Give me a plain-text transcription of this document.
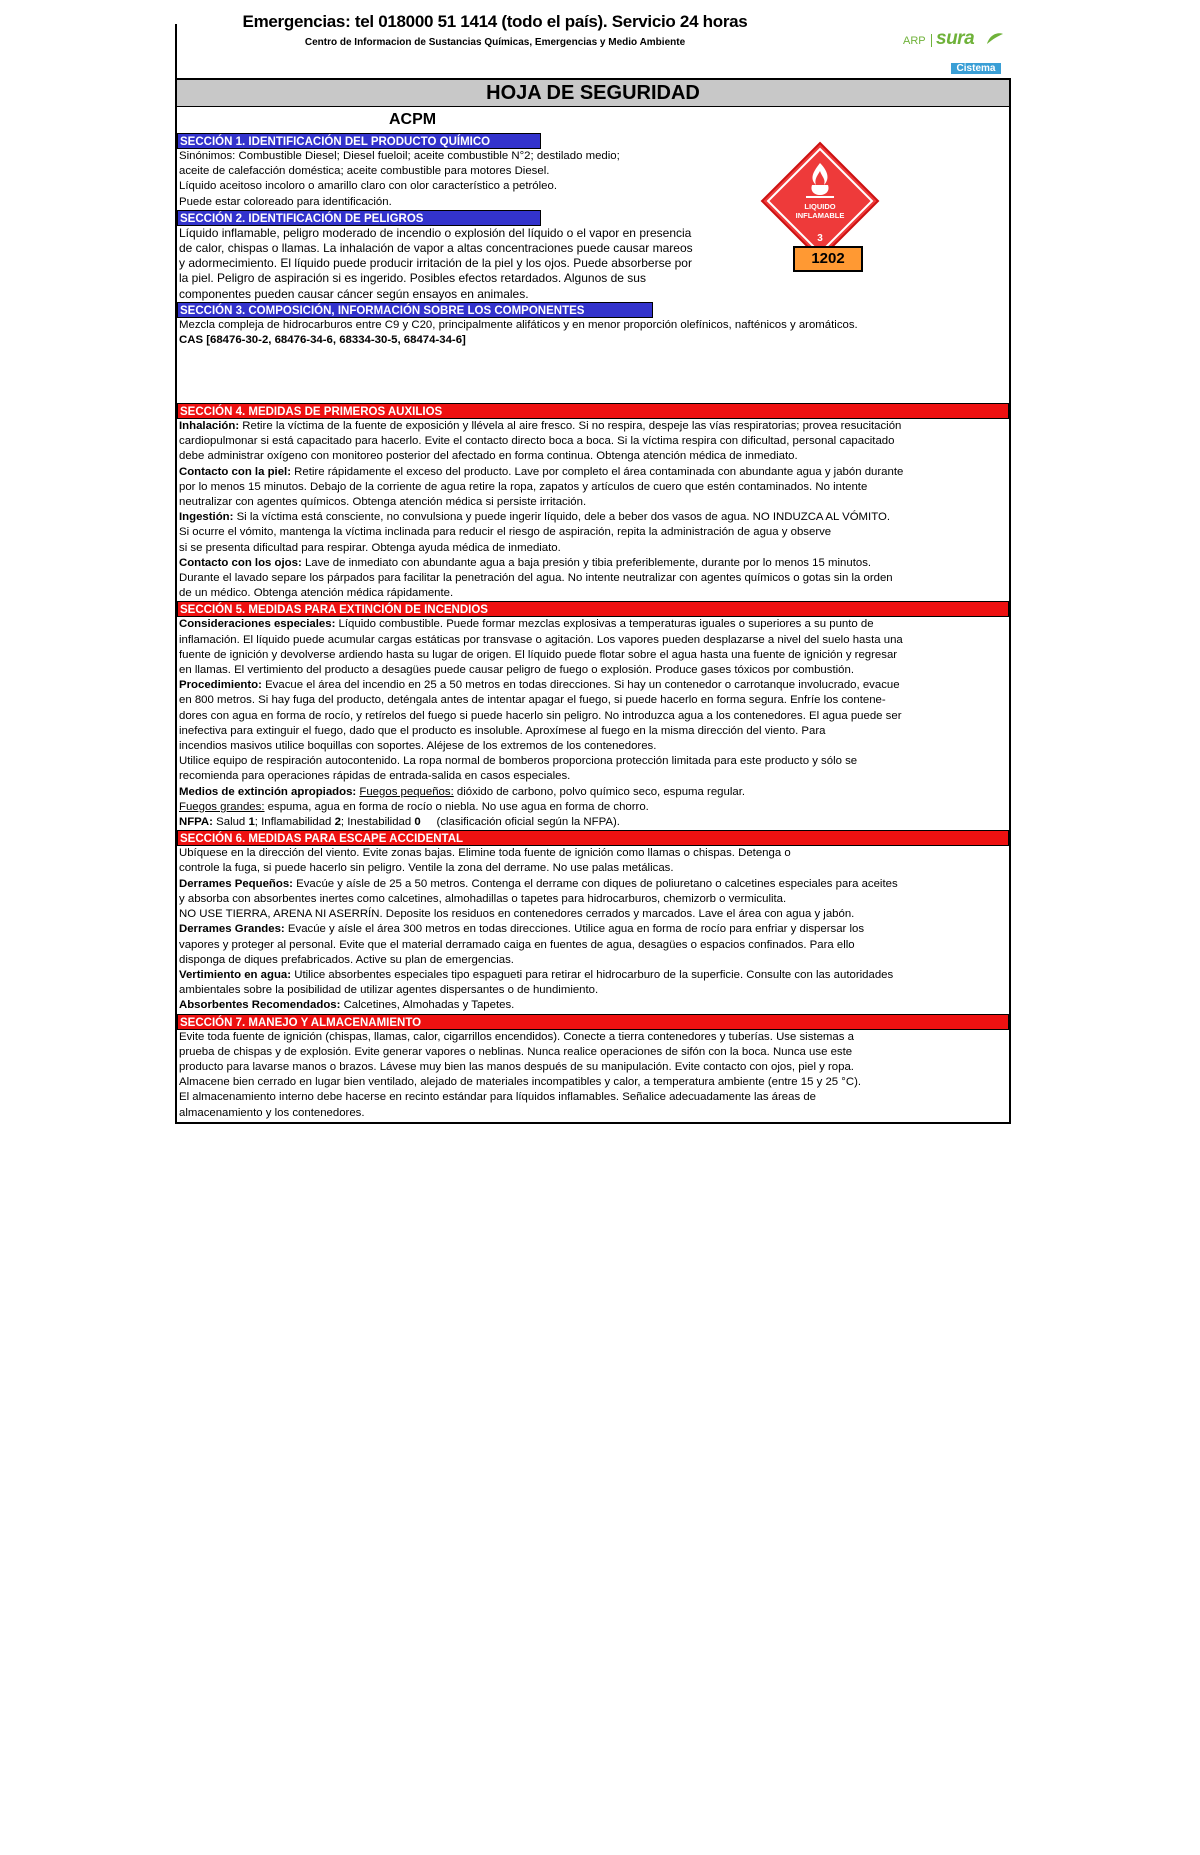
Emergencias: tel 018000 51 1414 (todo el país). Servicio 24 horas
Centro de Informacion de Sustancias Químicas, Emergencias y Medio Ambiente	ARP sura
Cistema
HOJA DE SEGURIDAD
ACPM
LIQUIDO
INFLAMABLE
3
1202
SECCIÓN 1. IDENTIFICACIÓN DEL PRODUCTO QUÍMICO
Sinónimos: Combustible Diesel; Diesel fueloil; aceite combustible N°2; destilado medio;
aceite de calefacción doméstica; aceite combustible para motores Diesel.
Líquido aceitoso incoloro o amarillo claro con olor característico a petróleo.
Puede estar coloreado para identificación.
SECCIÓN 2. IDENTIFICACIÓN DE PELIGROS
Líquido inflamable, peligro moderado de incendio o explosión del líquido o el vapor en presencia
de calor, chispas o llamas. La inhalación de vapor a altas concentraciones puede causar mareos
y adormecimiento. El líquido puede producir irritación de la piel y los ojos. Puede absorberse por
la piel. Peligro de aspiración si es ingerido. Posibles efectos retardados. Algunos de sus
componentes pueden causar cáncer según ensayos en animales.
SECCIÓN 3. COMPOSICIÓN, INFORMACIÓN SOBRE LOS COMPONENTES
Mezcla compleja de hidrocarburos entre C9 y C20, principalmente alifáticos y en menor proporción olefínicos, nafténicos y aromáticos.
CAS [68476-30-2, 68476-34-6, 68334-30-5, 68474-34-6]
SECCIÓN 4. MEDIDAS DE PRIMEROS AUXILIOS
Inhalación: Retire la víctima de la fuente de exposición y llévela al aire fresco. Si no respira, despeje las vías respiratorias; provea resucitación
cardiopulmonar si está capacitado para hacerlo. Evite el contacto directo boca a boca. Si la víctima respira con dificultad, personal capacitado
debe administrar oxígeno con monitoreo posterior del afectado en forma continua. Obtenga atención médica de inmediato.
Contacto con la piel: Retire rápidamente el exceso del producto. Lave por completo el área contaminada con abundante agua y jabón durante
por lo menos 15 minutos. Debajo de la corriente de agua retire la ropa, zapatos y artículos de cuero que estén contaminados. No intente
neutralizar con agentes químicos. Obtenga atención médica si persiste irritación.
Ingestión: Si la víctima está consciente, no convulsiona y puede ingerir líquido, dele a beber dos vasos de agua. NO INDUZCA AL VÓMITO.
Si ocurre el vómito, mantenga la víctima inclinada para reducir el riesgo de aspiración, repita la administración de agua y observe
si se presenta dificultad para respirar. Obtenga ayuda médica de inmediato.
Contacto con los ojos: Lave de inmediato con abundante agua a baja presión y tibia preferiblemente, durante por lo menos 15 minutos.
Durante el lavado separe los párpados para facilitar la penetración del agua. No intente neutralizar con agentes químicos o gotas sin la orden
de un médico. Obtenga atención médica rápidamente.
SECCIÓN 5. MEDIDAS PARA EXTINCIÓN DE INCENDIOS
Consideraciones especiales: Líquido combustible. Puede formar mezclas explosivas a temperaturas iguales o superiores a su punto de
inflamación. El líquido puede acumular cargas estáticas por transvase o agitación. Los vapores pueden desplazarse a nivel del suelo hasta una
fuente de ignición y devolverse ardiendo hasta su lugar de origen. El líquido puede flotar sobre el agua hasta una fuente de ignición y regresar
en llamas. El vertimiento del producto a desagües puede causar peligro de fuego o explosión. Produce gases tóxicos por combustión.
Procedimiento: Evacue el área del incendio en 25 a 50 metros en todas direcciones. Si hay un contenedor o carrotanque involucrado, evacue
en 800 metros. Si hay fuga del producto, deténgala antes de intentar apagar el fuego, si puede hacerlo en forma segura. Enfríe los contene-
dores con agua en forma de rocío, y retírelos del fuego si puede hacerlo sin peligro. No introduzca agua a los contenedores. El agua puede ser
inefectiva para extinguir el fuego, dado que el producto es insoluble. Aproxímese al fuego en la misma dirección del viento. Para
incendios masivos utilice boquillas con soportes. Aléjese de los extremos de los contenedores.
Utilice equipo de respiración autocontenido. La ropa normal de bomberos proporciona protección limitada para este producto y sólo se
recomienda para operaciones rápidas de entrada-salida en casos especiales.
Medios de extinción apropiados: Fuegos pequeños: dióxido de carbono, polvo químico seco, espuma regular.
Fuegos grandes: espuma, agua en forma de rocío o niebla. No use agua en forma de chorro.
NFPA: Salud 1; Inflamabilidad 2; Inestabilidad 0     (clasificación oficial según la NFPA).
SECCIÓN 6. MEDIDAS PARA ESCAPE ACCIDENTAL
Ubíquese en la dirección del viento. Evite zonas bajas. Elimine toda fuente de ignición como llamas o chispas. Detenga o
controle la fuga, si puede hacerlo sin peligro. Ventile la zona del derrame. No use palas metálicas.
Derrames Pequeños: Evacúe y aísle de 25 a 50 metros. Contenga el derrame con diques de poliuretano o calcetines especiales para aceites
y absorba con absorbentes inertes como calcetines, almohadillas o tapetes para hidrocarburos, chemizorb o vermiculita.
NO USE TIERRA, ARENA NI ASERRÍN. Deposite los residuos en contenedores cerrados y marcados. Lave el área con agua y jabón.
Derrames Grandes: Evacúe y aísle el área 300 metros en todas direcciones. Utilice agua en forma de rocío para enfriar y dispersar los
vapores y proteger al personal. Evite que el material derramado caiga en fuentes de agua, desagües o espacios confinados. Para ello
disponga de diques prefabricados. Active su plan de emergencias.
Vertimiento en agua: Utilice absorbentes especiales tipo espagueti para retirar el hidrocarburo de la superficie. Consulte con las autoridades
ambientales sobre la posibilidad de utilizar agentes dispersantes o de hundimiento.
Absorbentes Recomendados: Calcetines, Almohadas y Tapetes.
SECCIÓN 7. MANEJO Y ALMACENAMIENTO
Evite toda fuente de ignición (chispas, llamas, calor, cigarrillos encendidos). Conecte a tierra contenedores y tuberías. Use sistemas a
prueba de chispas y de explosión. Evite generar vapores o neblinas. Nunca realice operaciones de sifón con la boca. Nunca use este
producto para lavarse manos o brazos. Lávese muy bien las manos después de su manipulación. Evite contacto con ojos, piel y ropa.
Almacene bien cerrado en lugar bien ventilado, alejado de materiales incompatibles y calor, a temperatura ambiente (entre 15 y 25 °C).
El almacenamiento interno debe hacerse en recinto estándar para líquidos inflamables. Señalice adecuadamente las áreas de
almacenamiento y los contenedores.
